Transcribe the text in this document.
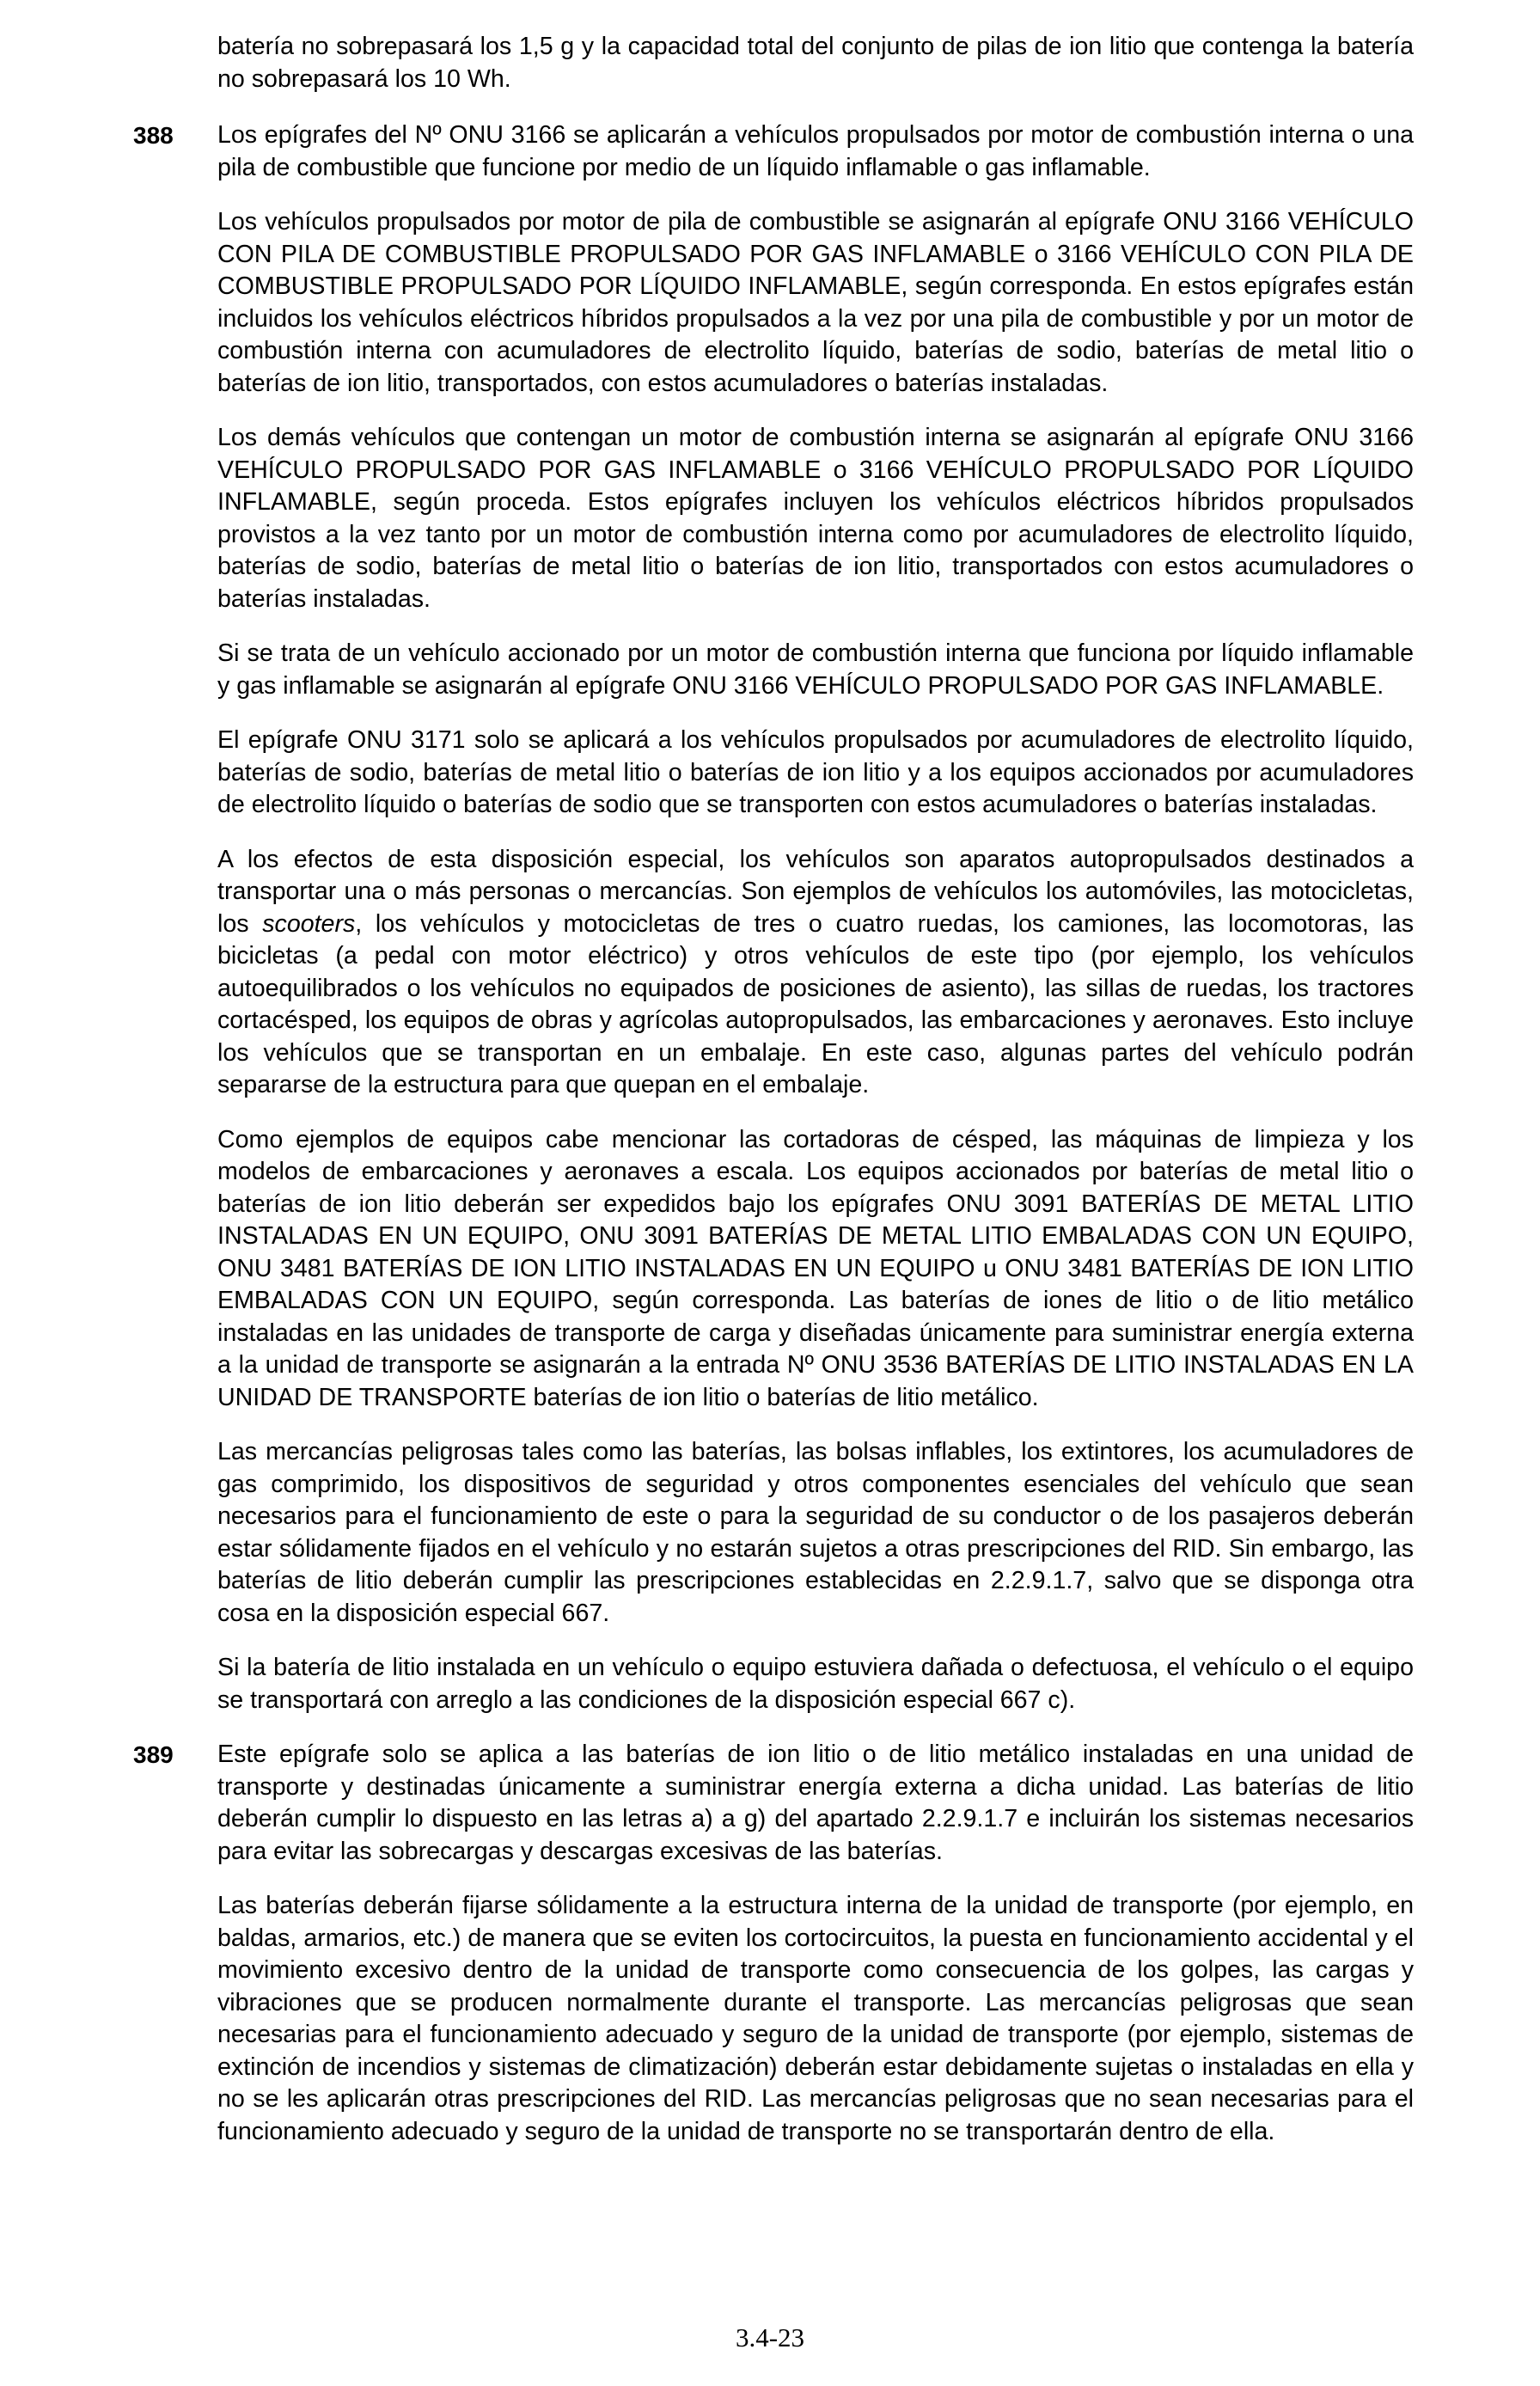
batería no sobrepasará los 1,5 g y la capacidad total del conjunto de pilas de ion litio que contenga la batería no sobrepasará los 10 Wh.

388 Los epígrafes del Nº ONU 3166 se aplicarán a vehículos propulsados por motor de combustión interna o una pila de combustible que funcione por medio de un líquido inflamable o gas inflamable.

Los vehículos propulsados por motor de pila de combustible se asignarán al epígrafe ONU 3166 VEHÍCULO CON PILA DE COMBUSTIBLE PROPULSADO POR GAS INFLAMABLE o 3166 VEHÍCULO CON PILA DE COMBUSTIBLE PROPULSADO POR LÍQUIDO INFLAMABLE, según corresponda. En estos epígrafes están incluidos los vehículos eléctricos híbridos propulsados a la vez por una pila de combustible y por un motor de combustión interna con acumuladores de electrolito líquido, baterías de sodio, baterías de metal litio o baterías de ion litio, transportados, con estos acumuladores o baterías instaladas.

Los demás vehículos que contengan un motor de combustión interna se asignarán al epígrafe ONU 3166 VEHÍCULO PROPULSADO POR GAS INFLAMABLE o 3166 VEHÍCULO PROPULSADO POR LÍQUIDO INFLAMABLE, según proceda. Estos epígrafes incluyen los vehículos eléctricos híbridos propulsados provistos a la vez tanto por un motor de combustión interna como por acumuladores de electrolito líquido, baterías de sodio, baterías de metal litio o baterías de ion litio, transportados con estos acumuladores o baterías instaladas.

Si se trata de un vehículo accionado por un motor de combustión interna que funciona por líquido inflamable y gas inflamable se asignarán al epígrafe ONU 3166 VEHÍCULO PROPULSADO POR GAS INFLAMABLE.

El epígrafe ONU 3171 solo se aplicará a los vehículos propulsados por acumuladores de electrolito líquido, baterías de sodio, baterías de metal litio o baterías de ion litio y a los equipos accionados por acumuladores de electrolito líquido o baterías de sodio que se transporten con estos acumuladores o baterías instaladas.

A los efectos de esta disposición especial, los vehículos son aparatos autopropulsados destinados a transportar una o más personas o mercancías. Son ejemplos de vehículos los automóviles, las motocicletas, los scooters, los vehículos y motocicletas de tres o cuatro ruedas, los camiones, las locomotoras, las bicicletas (a pedal con motor eléctrico) y otros vehículos de este tipo (por ejemplo, los vehículos autoequilibrados o los vehículos no equipados de posiciones de asiento), las sillas de ruedas, los tractores cortacésped, los equipos de obras y agrícolas autopropulsados, las embarcaciones y aeronaves. Esto incluye los vehículos que se transportan en un embalaje. En este caso, algunas partes del vehículo podrán separarse de la estructura para que quepan en el embalaje.

Como ejemplos de equipos cabe mencionar las cortadoras de césped, las máquinas de limpieza y los modelos de embarcaciones y aeronaves a escala. Los equipos accionados por baterías de metal litio o baterías de ion litio deberán ser expedidos bajo los epígrafes ONU 3091 BATERÍAS DE METAL LITIO INSTALADAS EN UN EQUIPO, ONU 3091 BATERÍAS DE METAL LITIO EMBALADAS CON UN EQUIPO, ONU 3481 BATERÍAS DE ION LITIO INSTALADAS EN UN EQUIPO u ONU 3481 BATERÍAS DE ION LITIO EMBALADAS CON UN EQUIPO, según corresponda. Las baterías de iones de litio o de litio metálico instaladas en las unidades de transporte de carga y diseñadas únicamente para suministrar energía externa a la unidad de transporte se asignarán a la entrada Nº ONU 3536 BATERÍAS DE LITIO INSTALADAS EN LA UNIDAD DE TRANSPORTE baterías de ion litio o baterías de litio metálico.

Las mercancías peligrosas tales como las baterías, las bolsas inflables, los extintores, los acumuladores de gas comprimido, los dispositivos de seguridad y otros componentes esenciales del vehículo que sean necesarios para el funcionamiento de este o para la seguridad de su conductor o de los pasajeros deberán estar sólidamente fijados en el vehículo y no estarán sujetos a otras prescripciones del RID. Sin embargo, las baterías de litio deberán cumplir las prescripciones establecidas en 2.2.9.1.7, salvo que se disponga otra cosa en la disposición especial 667.

Si la batería de litio instalada en un vehículo o equipo estuviera dañada o defectuosa, el vehículo o el equipo se transportará con arreglo a las condiciones de la disposición especial 667 c).

389 Este epígrafe solo se aplica a las baterías de ion litio o de litio metálico instaladas en una unidad de transporte y destinadas únicamente a suministrar energía externa a dicha unidad. Las baterías de litio deberán cumplir lo dispuesto en las letras a) a g) del apartado 2.2.9.1.7 e incluirán los sistemas necesarios para evitar las sobrecargas y descargas excesivas de las baterías.

Las baterías deberán fijarse sólidamente a la estructura interna de la unidad de transporte (por ejemplo, en baldas, armarios, etc.) de manera que se eviten los cortocircuitos, la puesta en funcionamiento accidental y el movimiento excesivo dentro de la unidad de transporte como consecuencia de los golpes, las cargas y vibraciones que se producen normalmente durante el transporte. Las mercancías peligrosas que sean necesarias para el funcionamiento adecuado y seguro de la unidad de transporte (por ejemplo, sistemas de extinción de incendios y sistemas de climatización) deberán estar debidamente sujetas o instaladas en ella y no se les aplicarán otras prescripciones del RID. Las mercancías peligrosas que no sean necesarias para el funcionamiento adecuado y seguro de la unidad de transporte no se transportarán dentro de ella.

3.4-23
